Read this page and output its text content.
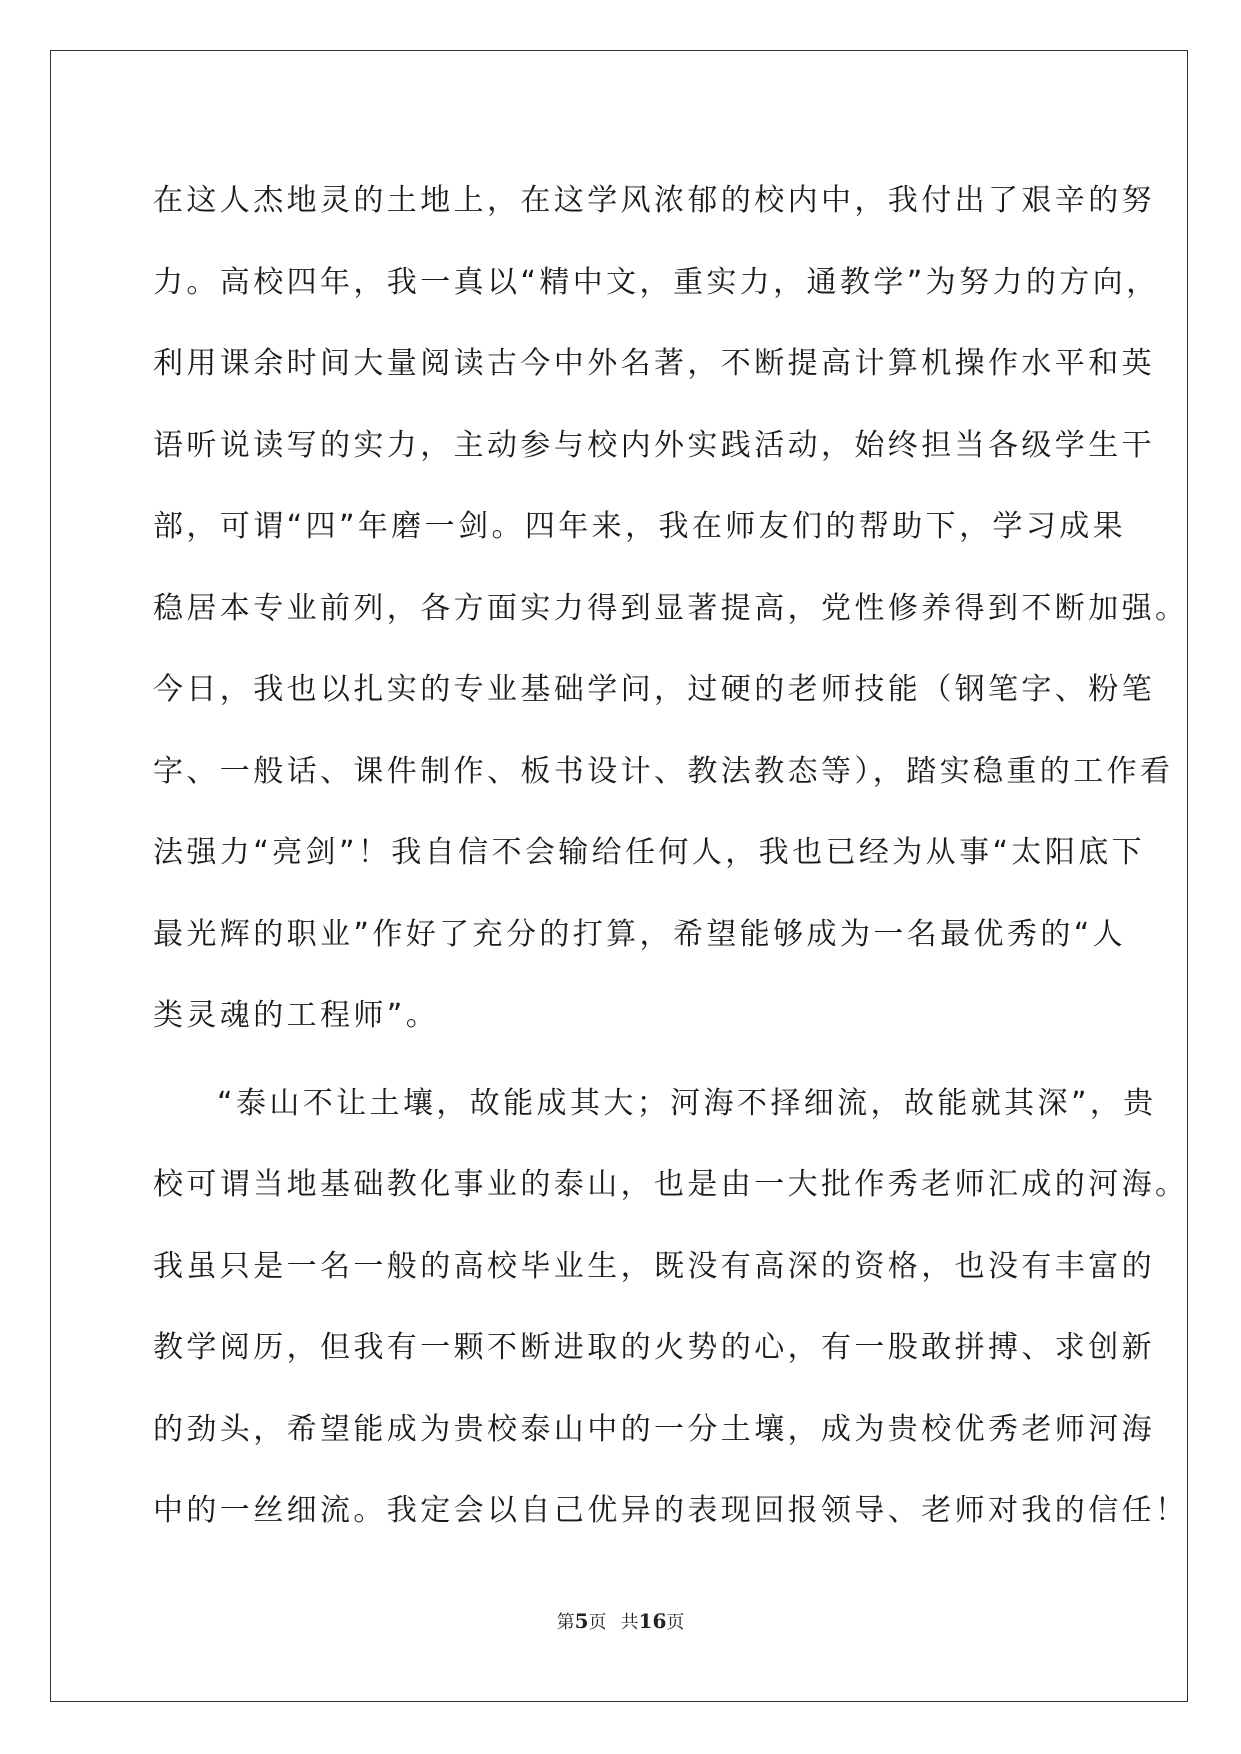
在这人杰地灵的土地上，在这学风浓郁的校内中，我付出了艰辛的努
力。高校四年，我一真以“精中文，重实力，通教学”为努力的方向，
利用课余时间大量阅读古今中外名著，不断提高计算机操作水平和英
语听说读写的实力，主动参与校内外实践活动，始终担当各级学生干
部，可谓“四”年磨一剑。四年来，我在师友们的帮助下，学习成果
稳居本专业前列，各方面实力得到显著提高，党性修养得到不断加强。
今日，我也以扎实的专业基础学问，过硬的老师技能（钢笔字、粉笔
字、一般话、课件制作、板书设计、教法教态等），踏实稳重的工作看
法强力“亮剑”！我自信不会输给任何人，我也已经为从事“太阳底下
最光辉的职业”作好了充分的打算，希望能够成为一名最优秀的“人
类灵魂的工程师”。
“泰山不让土壤，故能成其大；河海不择细流，故能就其深”，贵
校可谓当地基础教化事业的泰山，也是由一大批作秀老师汇成的河海。
我虽只是一名一般的高校毕业生，既没有高深的资格，也没有丰富的
教学阅历，但我有一颗不断进取的火势的心，有一股敢拼搏、求创新
的劲头，希望能成为贵校泰山中的一分土壤，成为贵校优秀老师河海
中的一丝细流。我定会以自己优异的表现回报领导、老师对我的信任！
第5页 共16页
